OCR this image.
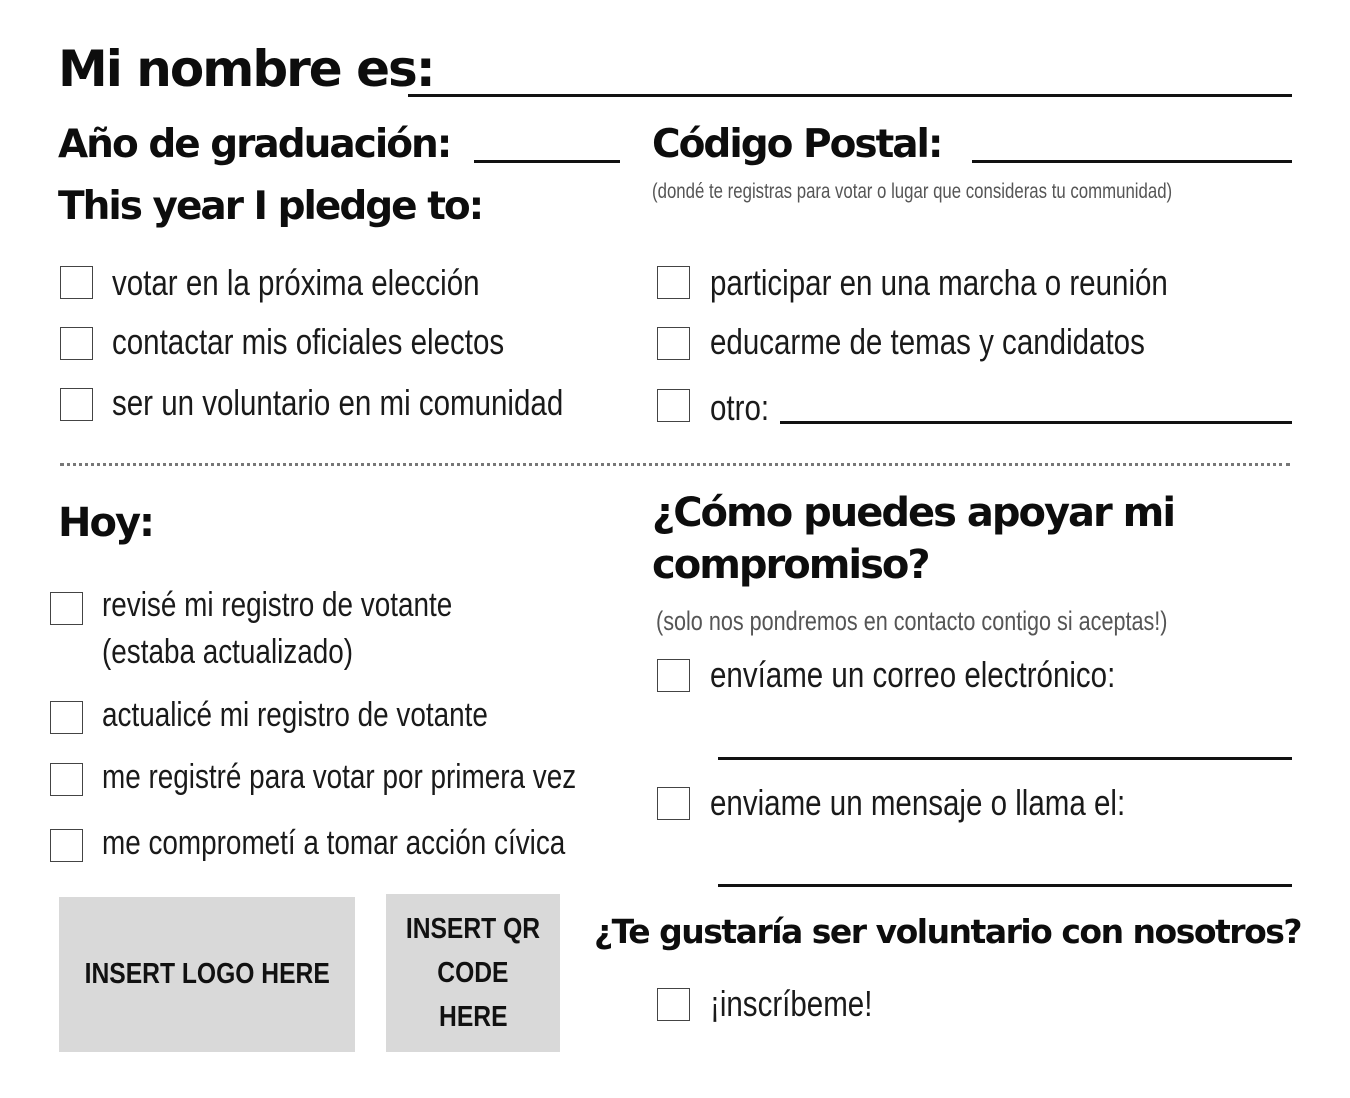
Mi nombre es:
Año de graduación:	Código Postal:
(dondé te registras para votar o lugar que consideras tu communidad)
This year I pledge to:
votar en la próxima elección
contactar mis oficiales electos
ser un voluntario en mi comunidad
participar en una marcha o reunión
educarme de temas y candidatos
otro:
Hoy:
revisé mi registro de votante
(estaba actualizado)
actualicé mi registro de votante
me registré para votar por primera vez
me comprometí a tomar acción cívica
¿Cómo puedes apoyar mi
compromiso?
(solo nos pondremos en contacto contigo si aceptas!)
envíame un correo electrónico:
enviame un mensaje o llama el:
¿Te gustaría ser voluntario con nosotros?
¡inscríbeme!
INSERT LOGO HERE
INSERT QR
CODE
HERE
